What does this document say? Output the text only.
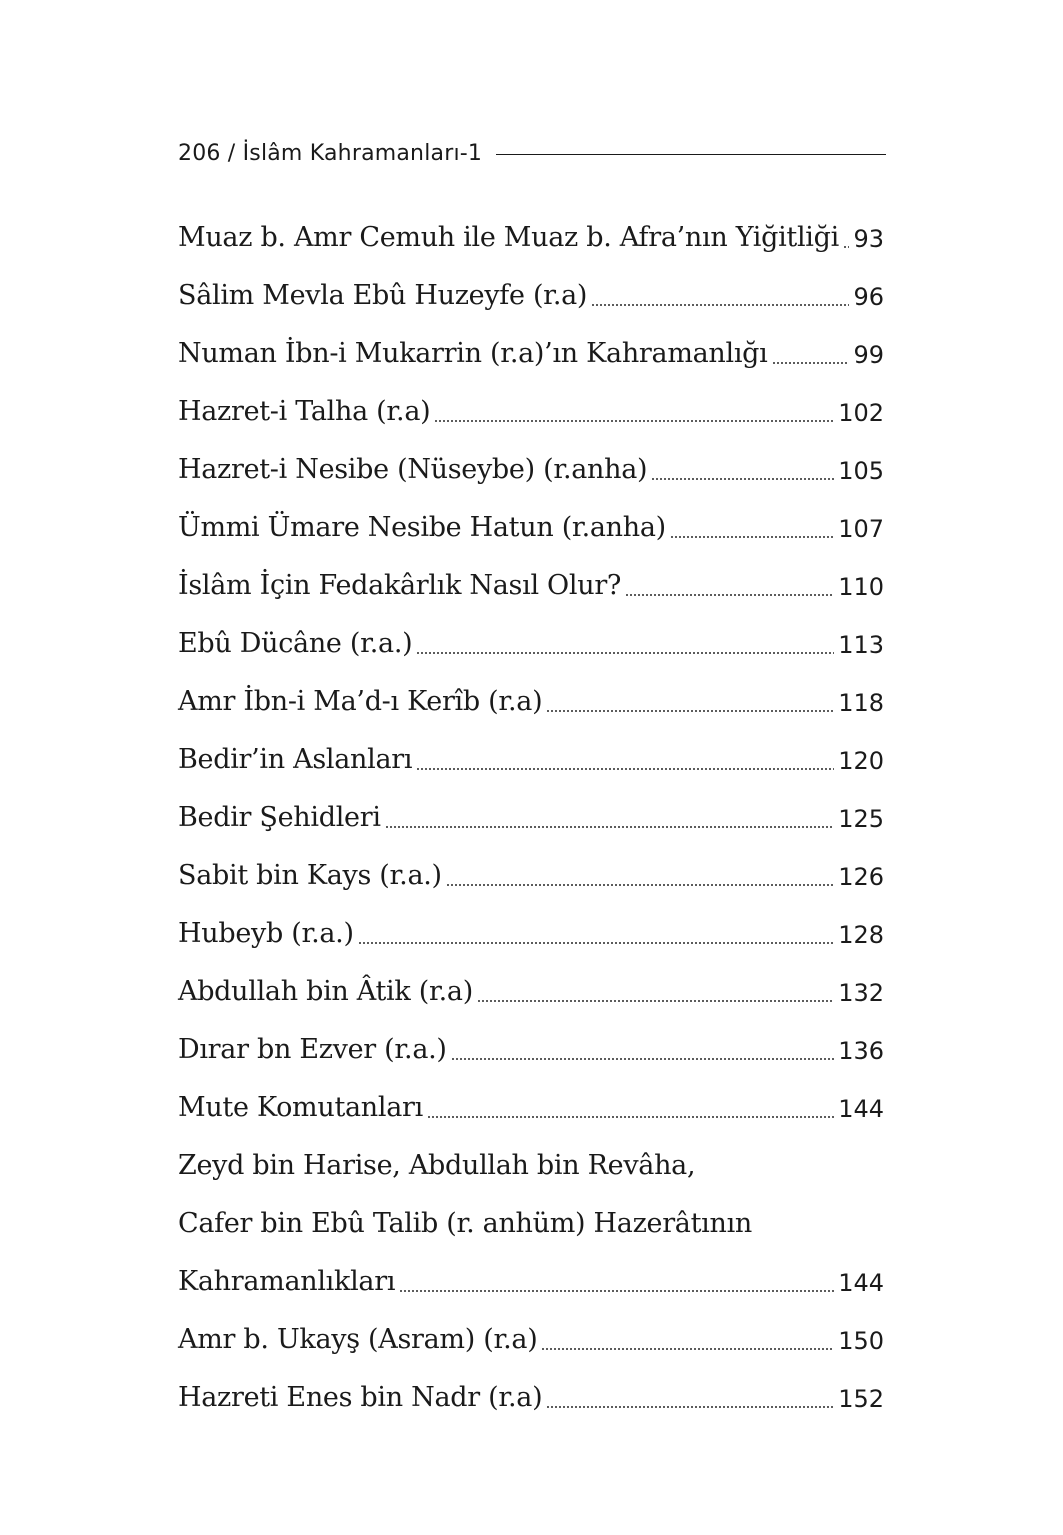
206 / İslâm Kahramanları-1
Muaz b. Amr Cemuh ile Muaz b. Afra’nın Yiğitliği 93
Sâlim Mevla Ebû Huzeyfe (r.a)	96
Numan İbn-i Mukarrin (r.a)’ın Kahramanlığı	99
Hazret-i Talha (r.a)	102
Hazret-i Nesibe (Nüseybe) (r.anha)	105
Ümmi Ümare Nesibe Hatun (r.anha)	107
İslâm İçin Fedakârlık Nasıl Olur?	110
Ebû Dücâne (r.a.)	113
Amr İbn-i Ma’d-ı Kerîb (r.a)	118
Bedir’in Aslanları	120
Bedir Şehidleri	125
Sabit bin Kays (r.a.)	126
Hubeyb (r.a.)	128
Abdullah bin Âtik (r.a)	132
Dırar bn Ezver (r.a.)	136
Mute Komutanları	144
Zeyd bin Harise, Abdullah bin Revâha,
Cafer bin Ebû Talib (r. anhüm) Hazerâtının
Kahramanlıkları	144
Amr b. Ukayş (Asram) (r.a)	150
Hazreti Enes bin Nadr (r.a)	152
